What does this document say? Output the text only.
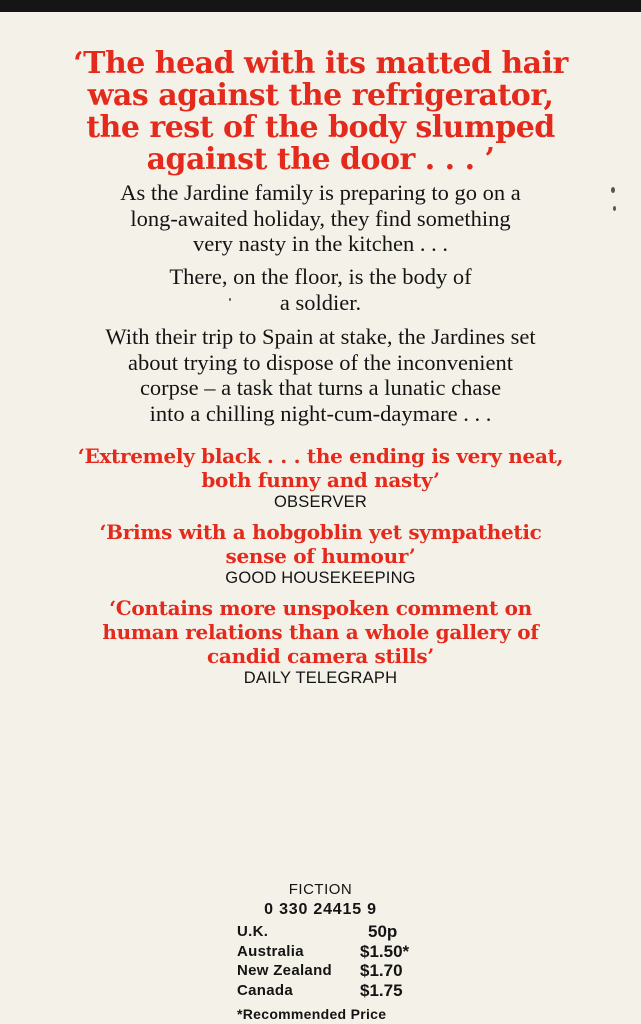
‘The head with its matted hair
was against the refrigerator,
the rest of the body slumped
against the door . . . ’
As the Jardine family is preparing to go on a
long-awaited holiday, they find something
very nasty in the kitchen . . .
There, on the floor, is the body of
a soldier.
With their trip to Spain at stake, the Jardines set
about trying to dispose of the inconvenient
corpse – a task that turns a lunatic chase
into a chilling night-cum-daymare . . .
‘Extremely black . . . the ending is very neat,
both funny and nasty’
OBSERVER
‘Brims with a hobgoblin yet sympathetic
sense of humour’
GOOD HOUSEKEEPING
‘Contains more unspoken comment on
human relations than a whole gallery of
candid camera stills’
DAILY TELEGRAPH
FICTION
0 330 24415 9
U.K.	50p
Australia	$1.50*
New Zealand $1.70
Canada	$1.75
*Recommended Price
